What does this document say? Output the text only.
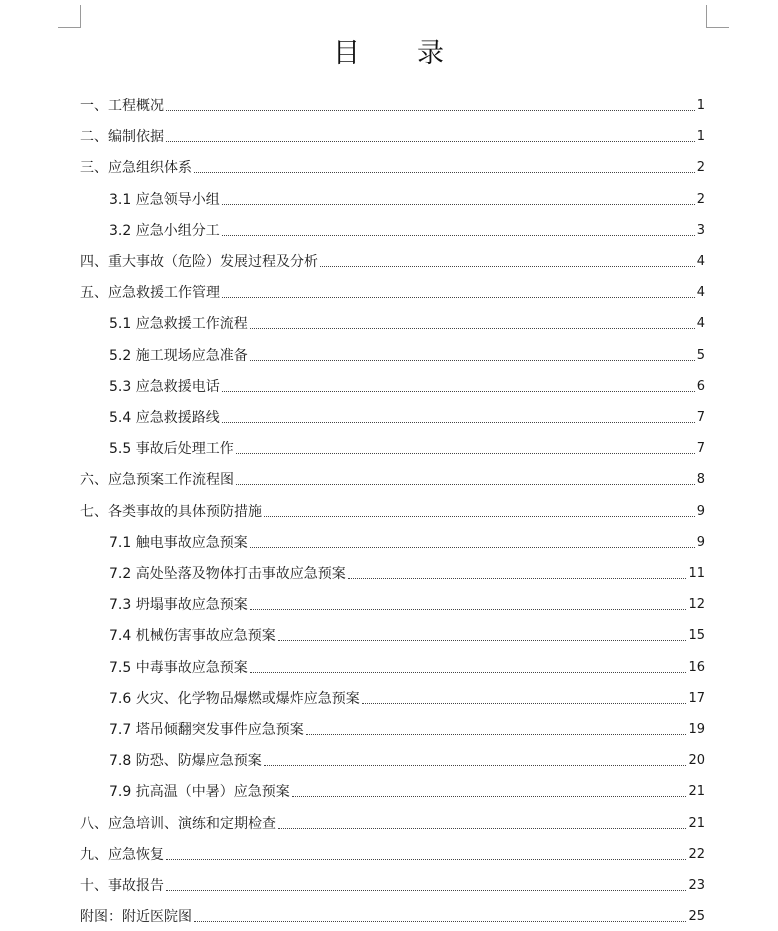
目　　录
一、工程概况	1
二、编制依据	1
三、应急组织体系	2
3.1 应急领导小组	2
3.2 应急小组分工	3
四、重大事故（危险）发展过程及分析	4
五、应急救援工作管理	4
5.1 应急救援工作流程	4
5.2 施工现场应急准备	5
5.3 应急救援电话	6
5.4 应急救援路线	7
5.5 事故后处理工作	7
六、应急预案工作流程图	8
七、各类事故的具体预防措施	9
7.1 触电事故应急预案	9
7.2 高处坠落及物体打击事故应急预案	11
7.3 坍塌事故应急预案	12
7.4 机械伤害事故应急预案	15
7.5 中毒事故应急预案	16
7.6 火灾、化学物品爆燃或爆炸应急预案	17
7.7 塔吊倾翻突发事件应急预案	19
7.8 防恐、防爆应急预案	20
7.9 抗高温（中暑）应急预案	21
八、应急培训、演练和定期检查	21
九、应急恢复	22
十、事故报告	23
附图：附近医院图	25
